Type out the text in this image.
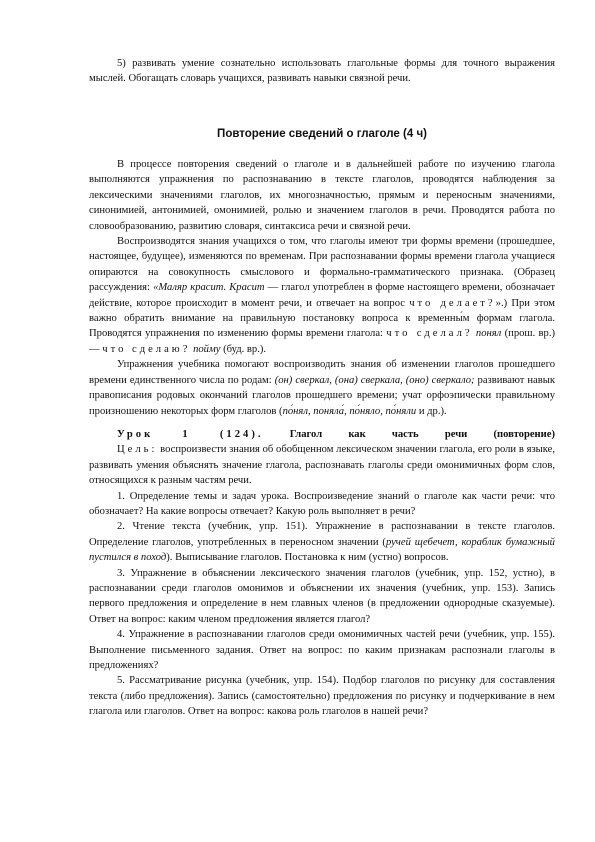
5) развивать умение сознательно использовать глагольные формы для точного выражения мыслей. Обогащать словарь учащихся, развивать навыки связной речи.

Повторение сведений о глаголе (4 ч)

В процессе повторения сведений о глаголе и в дальнейшей работе по изучению глагола выполняются упражнения по распознаванию в тексте глаголов, проводятся наблюдения за лексическими значениями глаголов, их многозначностью, прямым и переносным значениями, синонимией, антонимией, омонимией, ролью и значением глаголов в речи. Проводятся работа по словообразованию, развитию словаря, синтаксиса речи и связной речи.

Воспроизводятся знания учащихся о том, что глаголы имеют три формы времени (прошедшее, настоящее, будущее), изменяются по временам. При распознавании формы времени глагола учащиеся опираются на совокупность смыслового и формально-грамматического признака. (Образец рассуждения: «Маляр красит. Красит — глагол употреблен в форме настоящего времени, обозначает действие, которое происходит в момент речи, и отвечает на вопрос что делает?».) При этом важно обратить внимание на правильную постановку вопроса к временны́м формам глагола. Проводятся упражнения по изменению формы времени глагола: что сделал? понял (прош. вр.) — что сделаю? пойму (буд. вр.).

Упражнения учебника помогают воспроизводить знания об изменении глаголов прошедшего времени единственного числа по родам: (он) сверкал, (она) сверкала, (оно) сверкало; развивают навык правописания родовых окончаний глаголов прошедшего времени; учат орфоэпически правильному произношению некоторых форм глаголов (по́нял, поняла́, по́няло, по́няли и др.).

Урок 1 (124). Глагол как часть речи (повторение)

Цель: воспроизвести знания об обобщенном лексическом значении глагола, его роли в языке, развивать умения объяснять значение глагола, распознавать глаголы среди омонимичных форм слов, относящихся к разным частям речи.

1. Определение темы и задач урока. Воспроизведение знаний о глаголе как части речи: что обозначает? На какие вопросы отвечает? Какую роль выполняет в речи?

2. Чтение текста (учебник, упр. 151). Упражнение в распознавании в тексте глаголов. Определение глаголов, употребленных в переносном значении (ручей щебечет, кораблик бумажный пустился в поход). Выписывание глаголов. Постановка к ним (устно) вопросов.

3. Упражнение в объяснении лексического значения глаголов (учебник, упр. 152, устно), в распознавании среди глаголов омонимов и объяснении их значения (учебник, упр. 153). Запись первого предложения и определение в нем главных членов (в предложении однородные сказуемые). Ответ на вопрос: каким членом предложения является глагол?

4. Упражнение в распознавании глаголов среди омонимичных частей речи (учебник, упр. 155). Выполнение письменного задания. Ответ на вопрос: по каким признакам распознали глаголы в предложениях?

5. Рассматривание рисунка (учебник, упр. 154). Подбор глаголов по рисунку для составления текста (либо предложения). Запись (самостоятельно) предложения по рисунку и подчеркивание в нем глагола или глаголов. Ответ на вопрос: какова роль глаголов в нашей речи?
